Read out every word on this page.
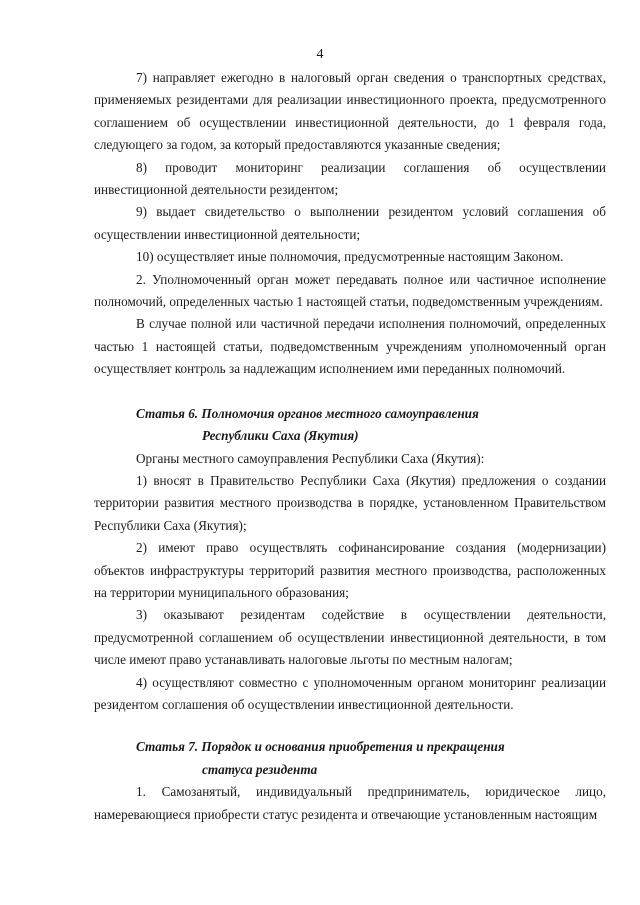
4

7) направляет ежегодно в налоговый орган сведения о транспортных средствах, применяемых резидентами для реализации инвестиционного проекта, предусмотренного соглашением об осуществлении инвестиционной деятельности, до 1 февраля года, следующего за годом, за который предоставляются указанные сведения;

8) проводит мониторинг реализации соглашения об осуществлении инвестиционной деятельности резидентом;

9) выдает свидетельство о выполнении резидентом условий соглашения об осуществлении инвестиционной деятельности;

10) осуществляет иные полномочия, предусмотренные настоящим Законом.

2. Уполномоченный орган может передавать полное или частичное исполнение полномочий, определенных частью 1 настоящей статьи, подведомственным учреждениям.

В случае полной или частичной передачи исполнения полномочий, определенных частью 1 настоящей статьи, подведомственным учреждениям уполномоченный орган осуществляет контроль за надлежащим исполнением ими переданных полномочий.

Статья 6. Полномочия органов местного самоуправления

Республики Саха (Якутия)

Органы местного самоуправления Республики Саха (Якутия):

1) вносят в Правительство Республики Саха (Якутия) предложения о создании территории развития местного производства в порядке, установленном Правительством Республики Саха (Якутия);

2) имеют право осуществлять софинансирование создания (модернизации) объектов инфраструктуры территорий развития местного производства, расположенных на территории муниципального образования;

3) оказывают резидентам содействие в осуществлении деятельности, предусмотренной соглашением об осуществлении инвестиционной деятельности, в том числе имеют право устанавливать налоговые льготы по местным налогам;

4) осуществляют совместно с уполномоченным органом мониторинг реализации резидентом соглашения об осуществлении инвестиционной деятельности.

Статья 7. Порядок и основания приобретения и прекращения

статуса резидента

1. Самозанятый, индивидуальный предприниматель, юридическое лицо, намеревающиеся приобрести статус резидента и отвечающие установленным настоящим
